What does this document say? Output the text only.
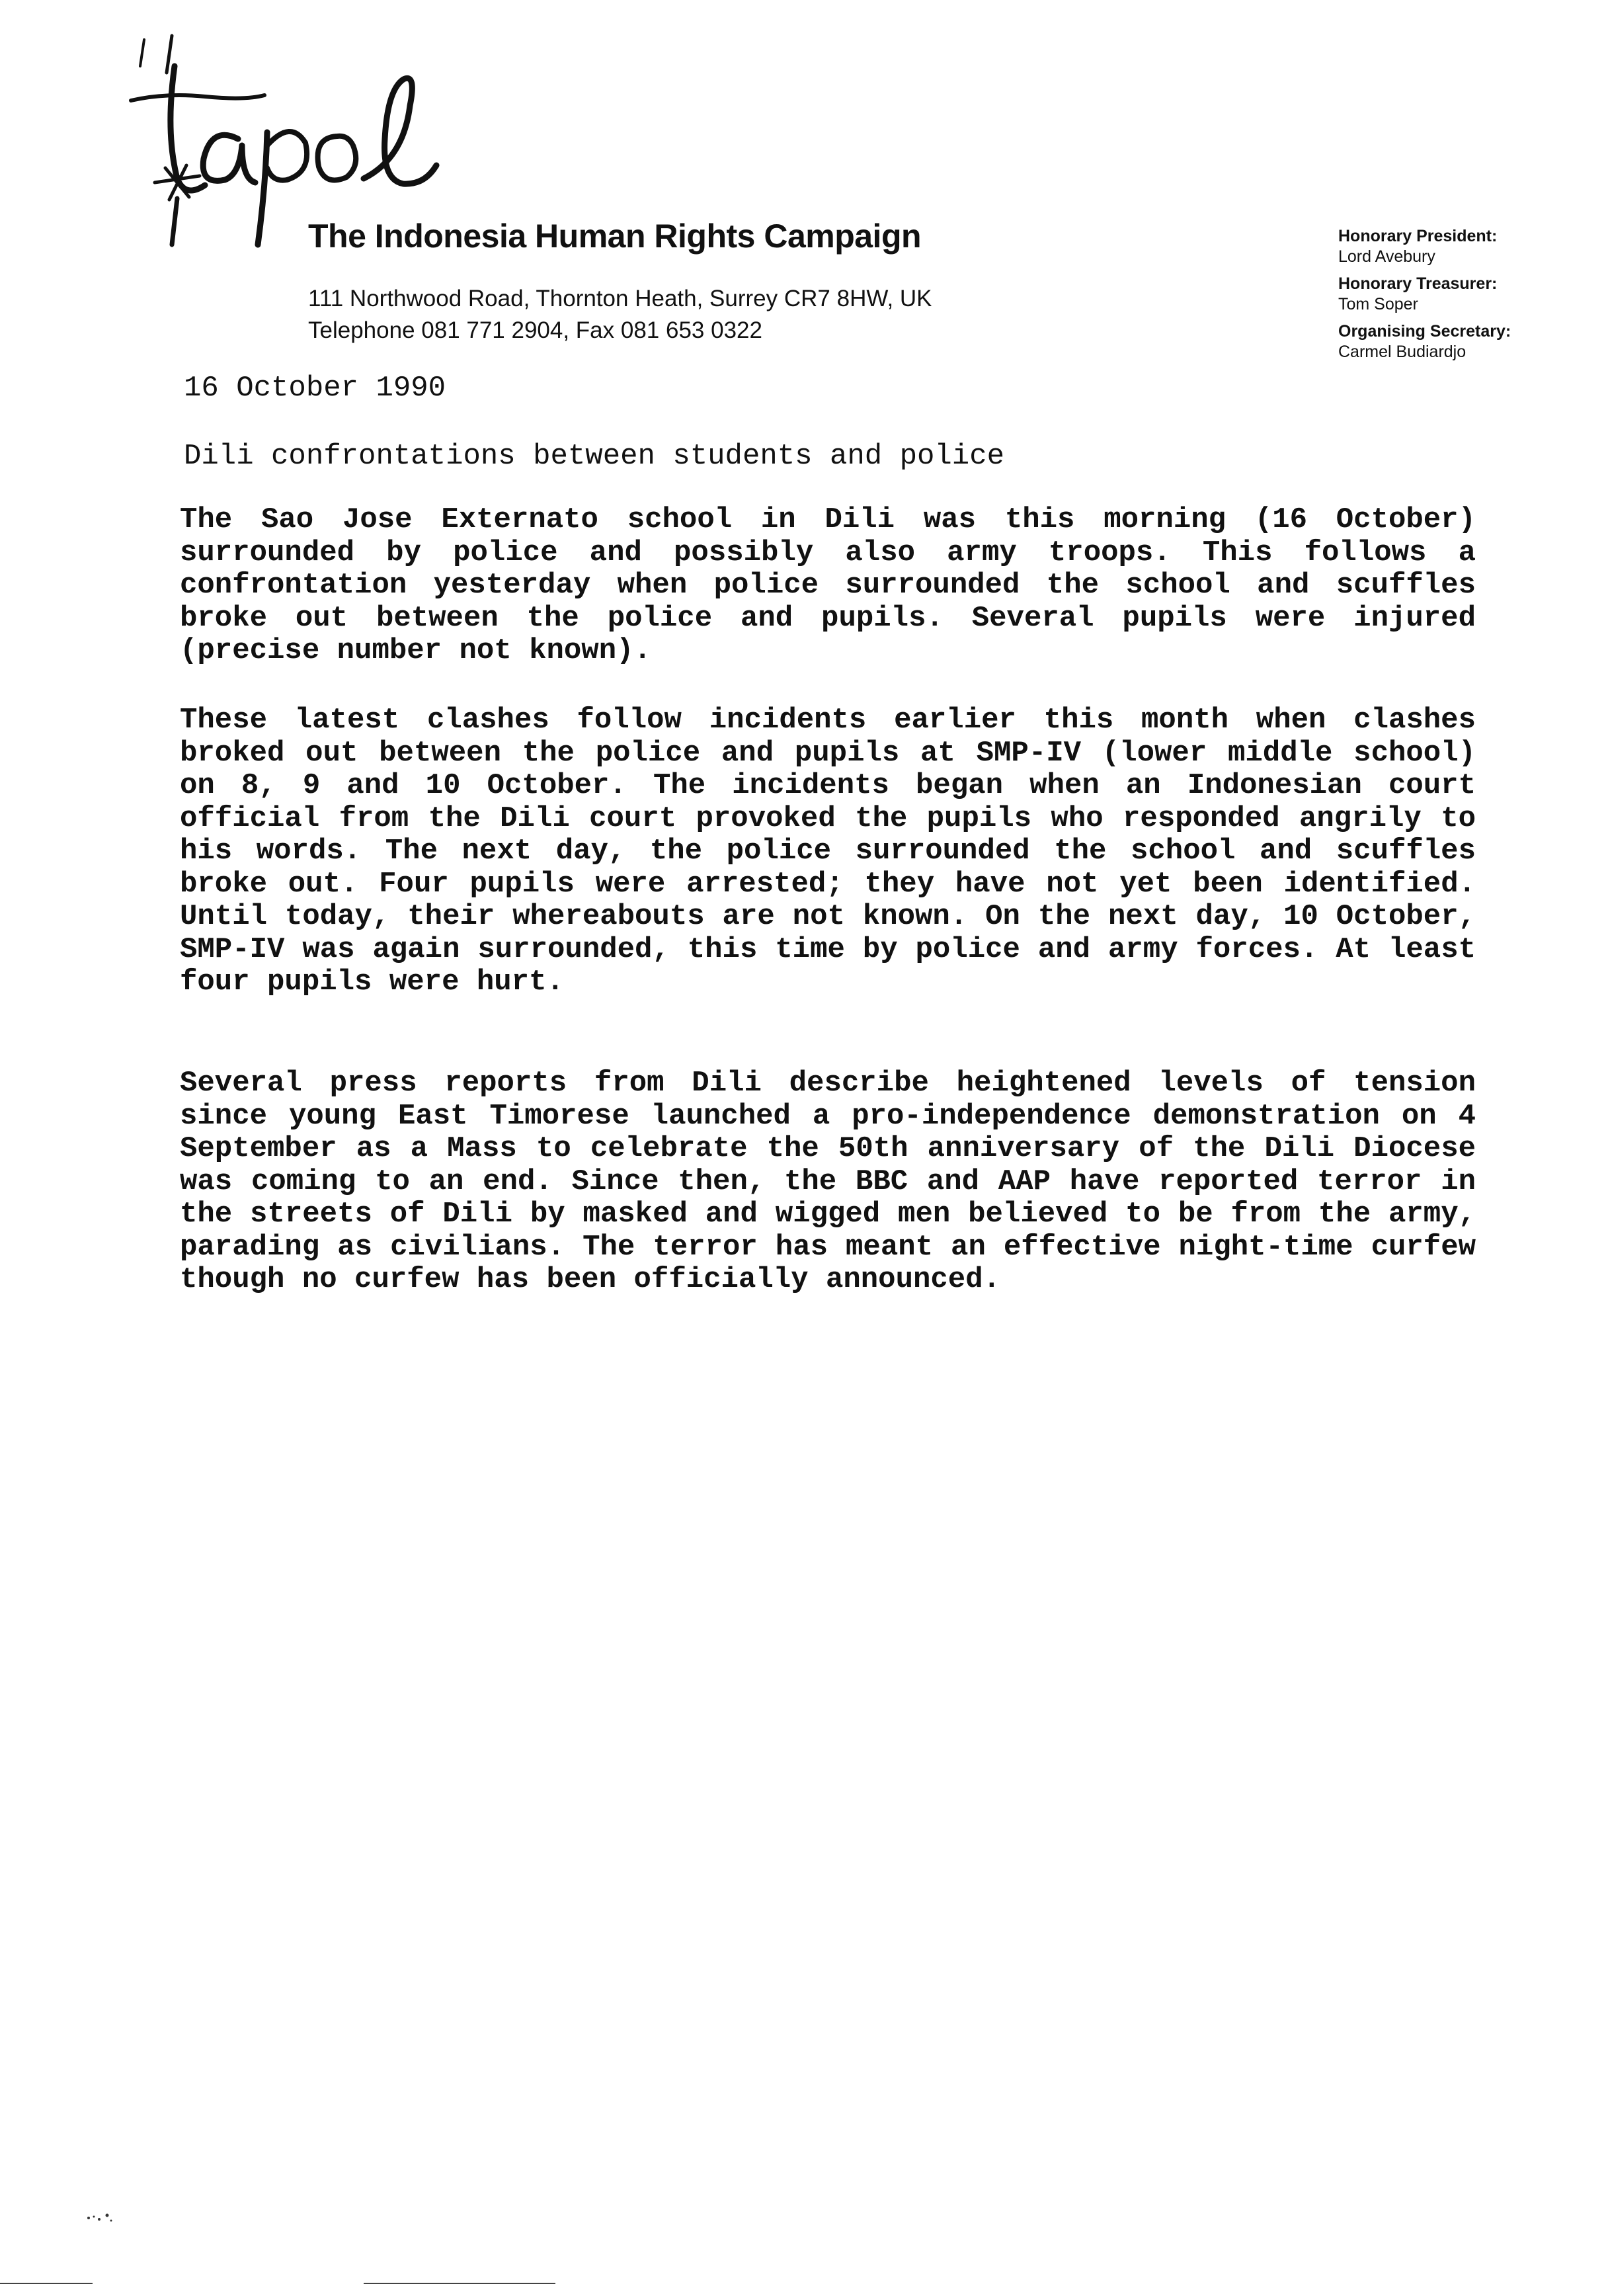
The Indonesia Human Rights Campaign
111 Northwood Road, Thornton Heath, Surrey CR7 8HW, UK
Telephone 081 771 2904, Fax 081 653 0322
Honorary President:
Lord Avebury
Honorary Treasurer:
Tom Soper
Organising Secretary:
Carmel Budiardjo
16 October 1990
Dili confrontations between students and police

The Sao Jose Externato school in Dili was this morning (16 October) surrounded by police and possibly also army troops. This follows a confrontation yesterday when police surrounded the school and scuffles broke out between the police and pupils. Several pupils were injured (precise number not known).

These latest clashes follow incidents earlier this month when clashes broked out between the police and pupils at SMP-IV (lower middle school) on 8, 9 and 10 October. The incidents began when an Indonesian court official from the Dili court provoked the pupils who responded angrily to his words. The next day, the police surrounded the school and scuffles broke out. Four pupils were arrested; they have not yet been identified. Until today, their whereabouts are not known. On the next day, 10 October, SMP-IV was again surrounded, this time by police and army forces. At least four pupils were hurt.

Several press reports from Dili describe heightened levels of tension since young East Timorese launched a pro-independence demonstration on 4 September as a Mass to celebrate the 50th anniversary of the Dili Diocese was coming to an end. Since then, the BBC and AAP have reported terror in the streets of Dili by masked and wigged men believed to be from the army, parading as civilians. The terror has meant an effective night-time curfew though no curfew has been officially announced.
